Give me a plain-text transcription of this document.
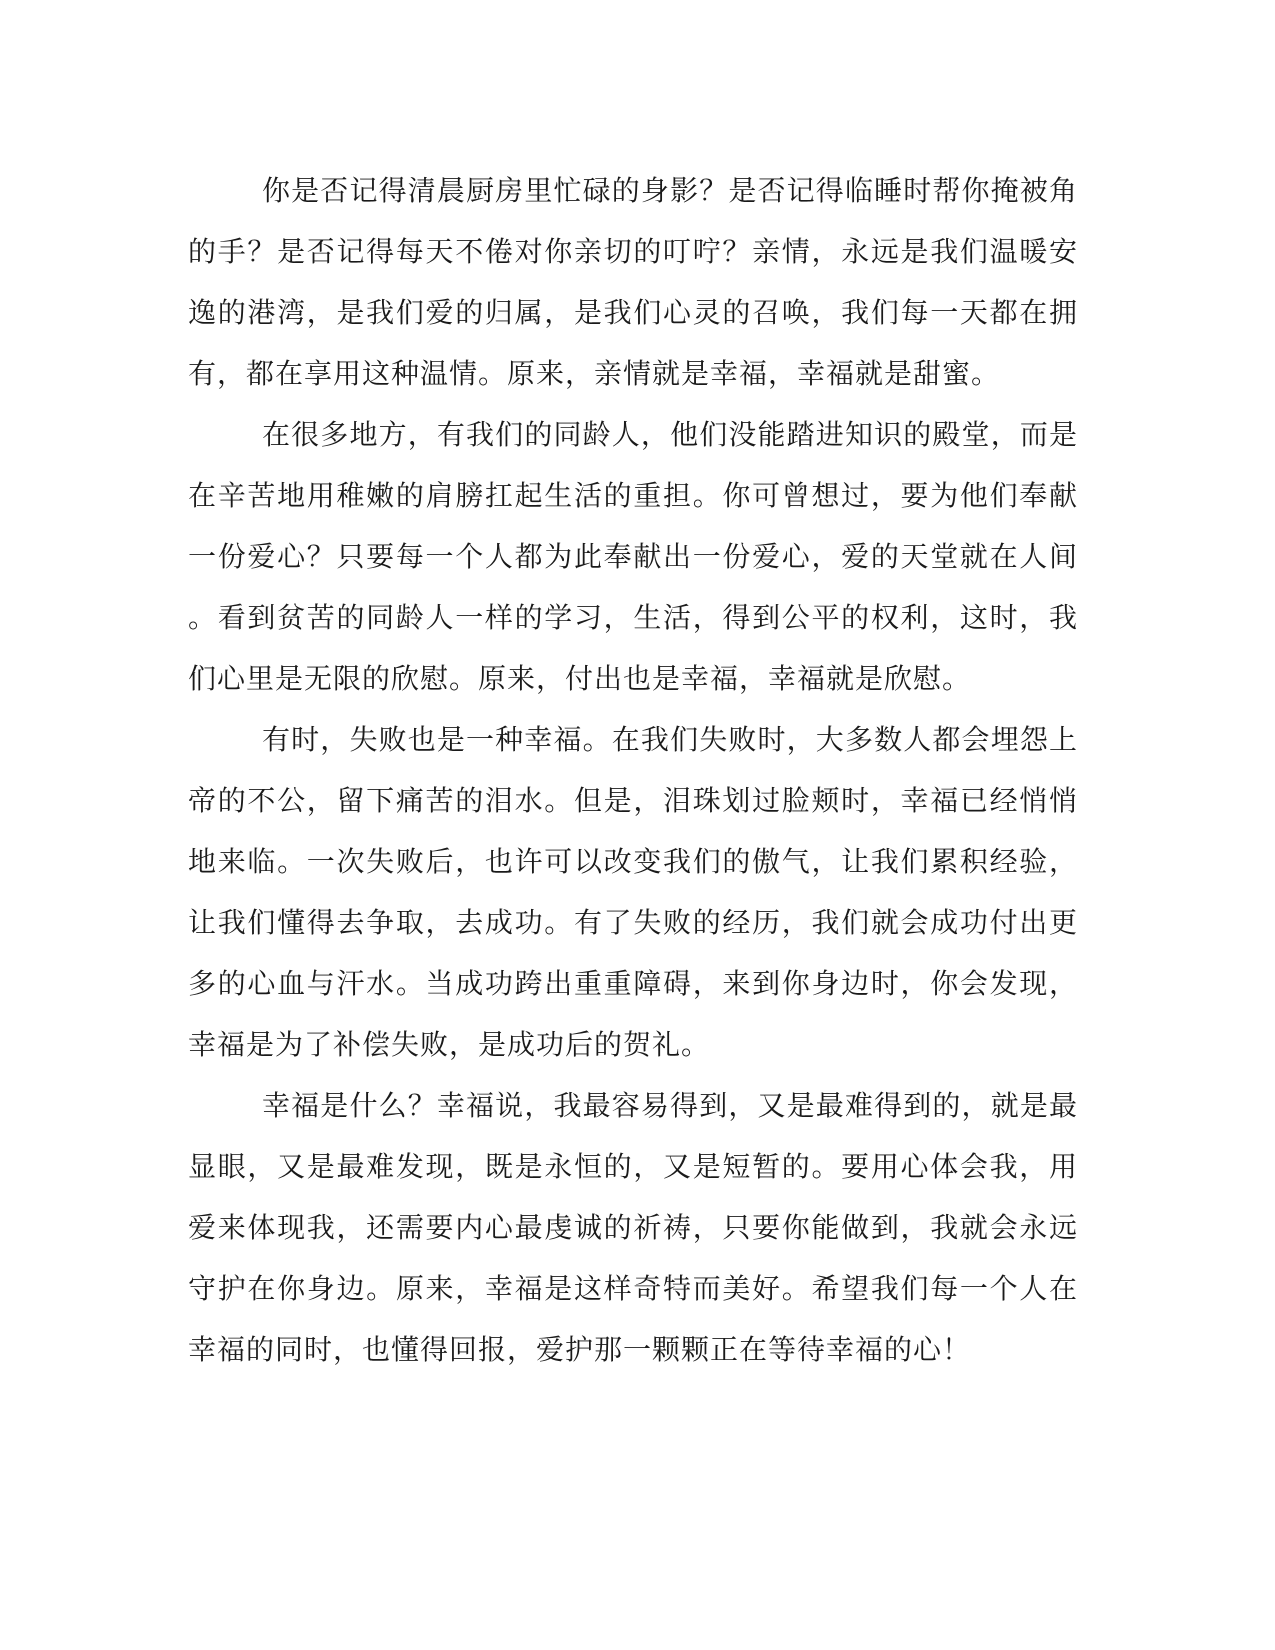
你是否记得清晨厨房里忙碌的身影？是否记得临睡时帮你掩被角
的手？是否记得每天不倦对你亲切的叮咛？亲情，永远是我们温暖安
逸的港湾，是我们爱的归属，是我们心灵的召唤，我们每一天都在拥
有，都在享用这种温情。原来，亲情就是幸福，幸福就是甜蜜。
在很多地方，有我们的同龄人，他们没能踏进知识的殿堂，而是
在辛苦地用稚嫩的肩膀扛起生活的重担。你可曾想过，要为他们奉献
一份爱心？只要每一个人都为此奉献出一份爱心，爱的天堂就在人间
。看到贫苦的同龄人一样的学习，生活，得到公平的权利，这时，我
们心里是无限的欣慰。原来，付出也是幸福，幸福就是欣慰。
有时，失败也是一种幸福。在我们失败时，大多数人都会埋怨上
帝的不公，留下痛苦的泪水。但是，泪珠划过脸颊时，幸福已经悄悄
地来临。一次失败后，也许可以改变我们的傲气，让我们累积经验，
让我们懂得去争取，去成功。有了失败的经历，我们就会成功付出更
多的心血与汗水。当成功跨出重重障碍，来到你身边时，你会发现，
幸福是为了补偿失败，是成功后的贺礼。
幸福是什么？幸福说，我最容易得到，又是最难得到的，就是最
显眼，又是最难发现，既是永恒的，又是短暂的。要用心体会我，用
爱来体现我，还需要内心最虔诚的祈祷，只要你能做到，我就会永远
守护在你身边。原来，幸福是这样奇特而美好。希望我们每一个人在
幸福的同时，也懂得回报，爱护那一颗颗正在等待幸福的心！
